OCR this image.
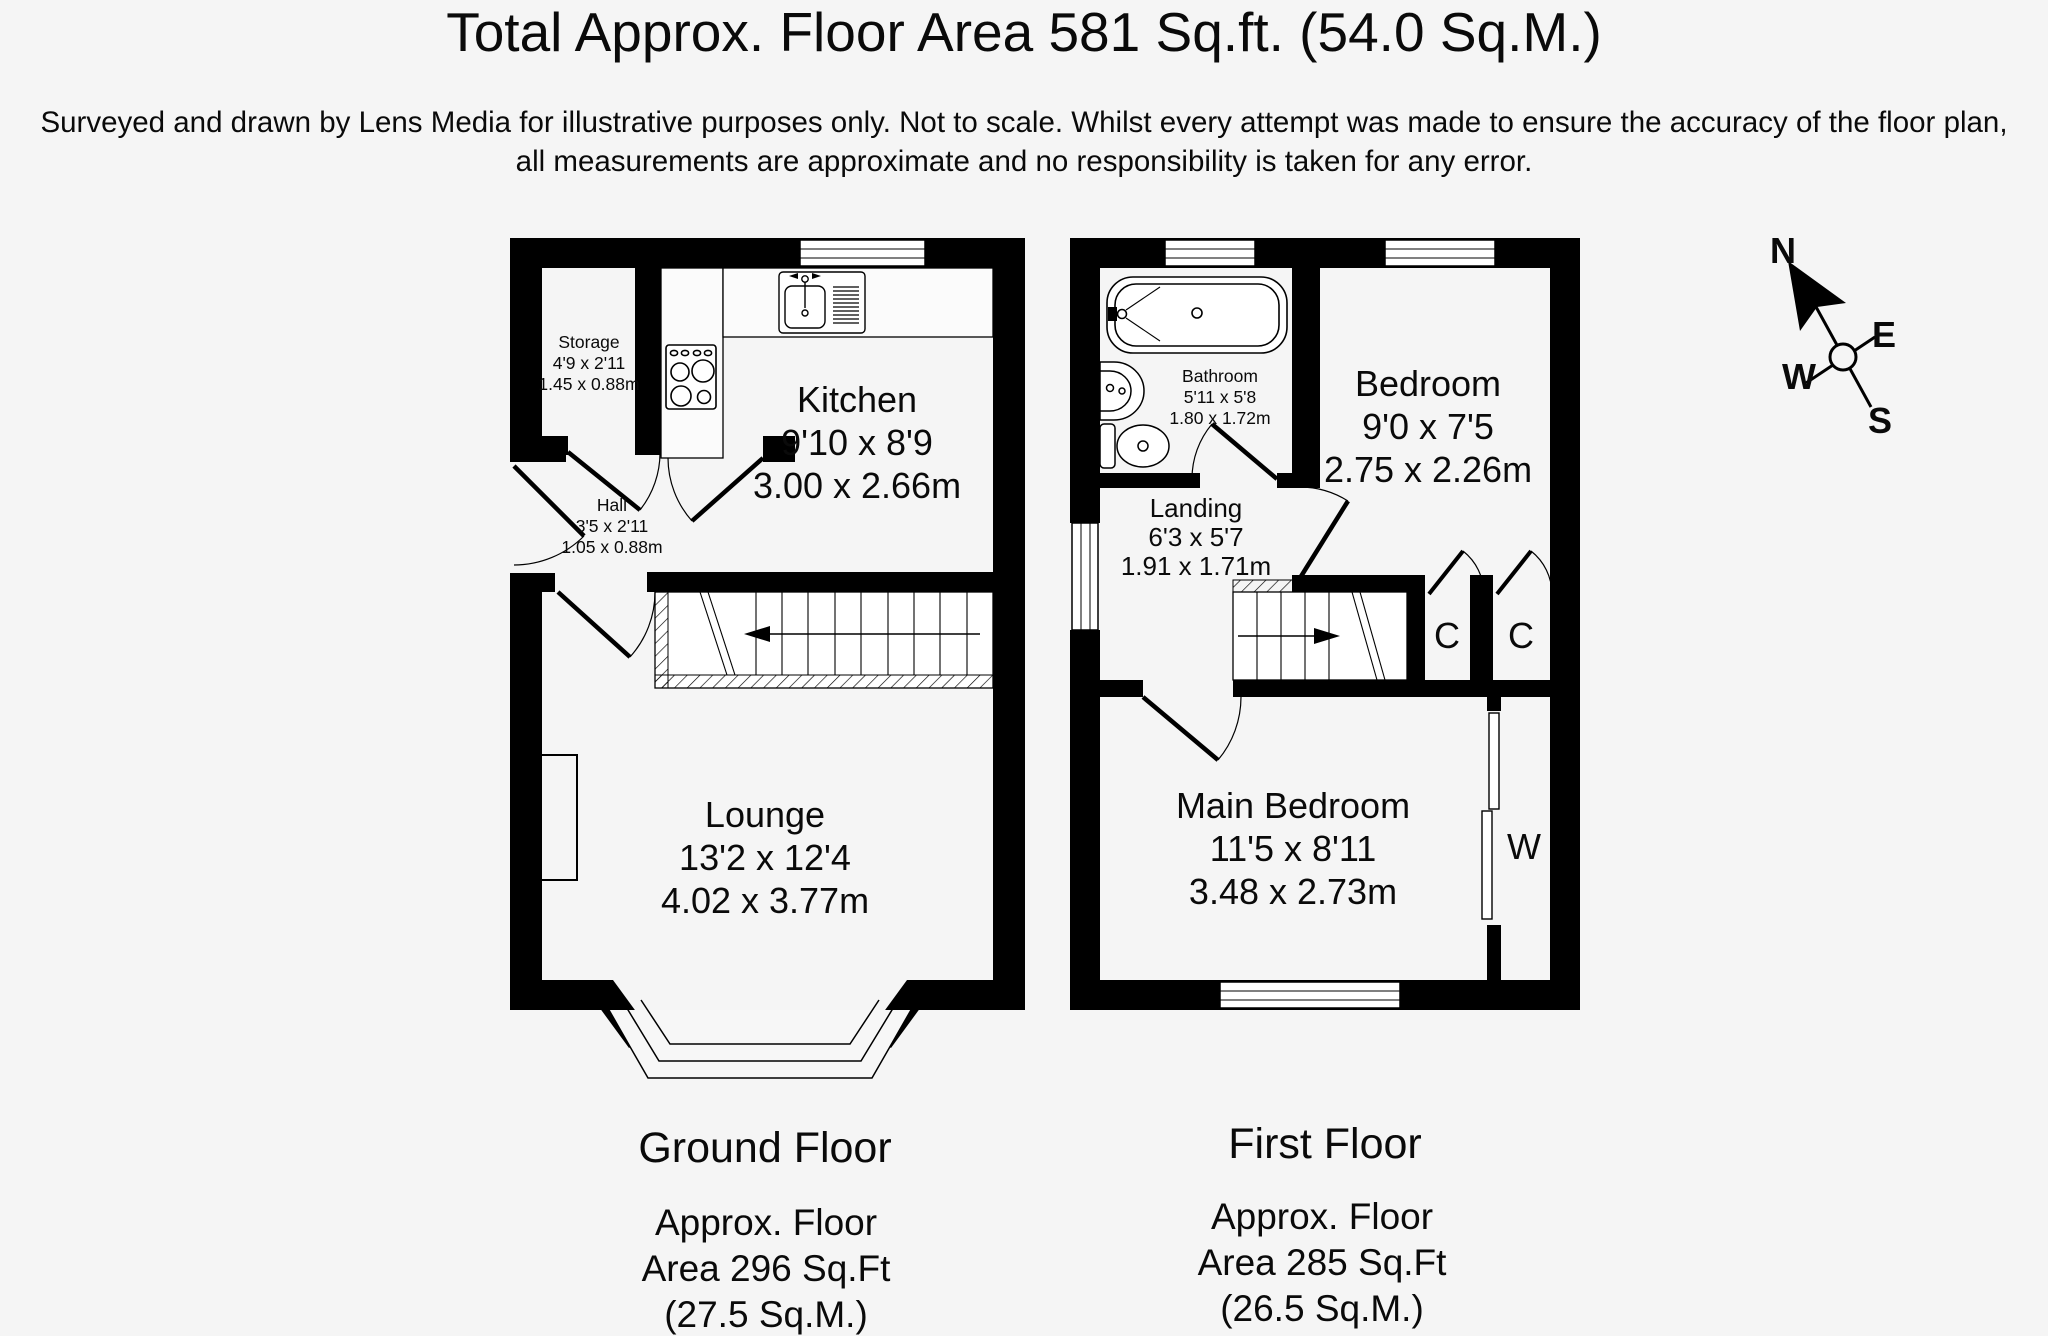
Total Approx. Floor Area 581 Sq.ft. (54.0 Sq.M.)
Surveyed and drawn by Lens Media for illustrative purposes only. Not to scale. Whilst every attempt was made to ensure the accuracy of the floor plan,
all measurements are approximate and no responsibility is taken for any error.
Storage
4'9 x 2'11
1.45 x 0.88m	Kitchen
9'10 x 8'9
3.00 x 2.66m
Hall
3'5 x 2'11
1.05 x 0.88m
Lounge
13'2 x 12'4
4.02 x 3.77m
Bathroom
5'11 x 5'8
1.80 x 1.72m
Bedroom
9'0 x 7'5
2.75 x 2.26m
Landing
6'3 x 5'7
1.91 x 1.71m
Main Bedroom
11'5 x 8'11
3.48 x 2.73m
C C
W
N
E
W
S
Ground Floor
Approx. Floor
Area 296 Sq.Ft
(27.5 Sq.M.)
First Floor
Approx. Floor
Area 285 Sq.Ft
(26.5 Sq.M.)
